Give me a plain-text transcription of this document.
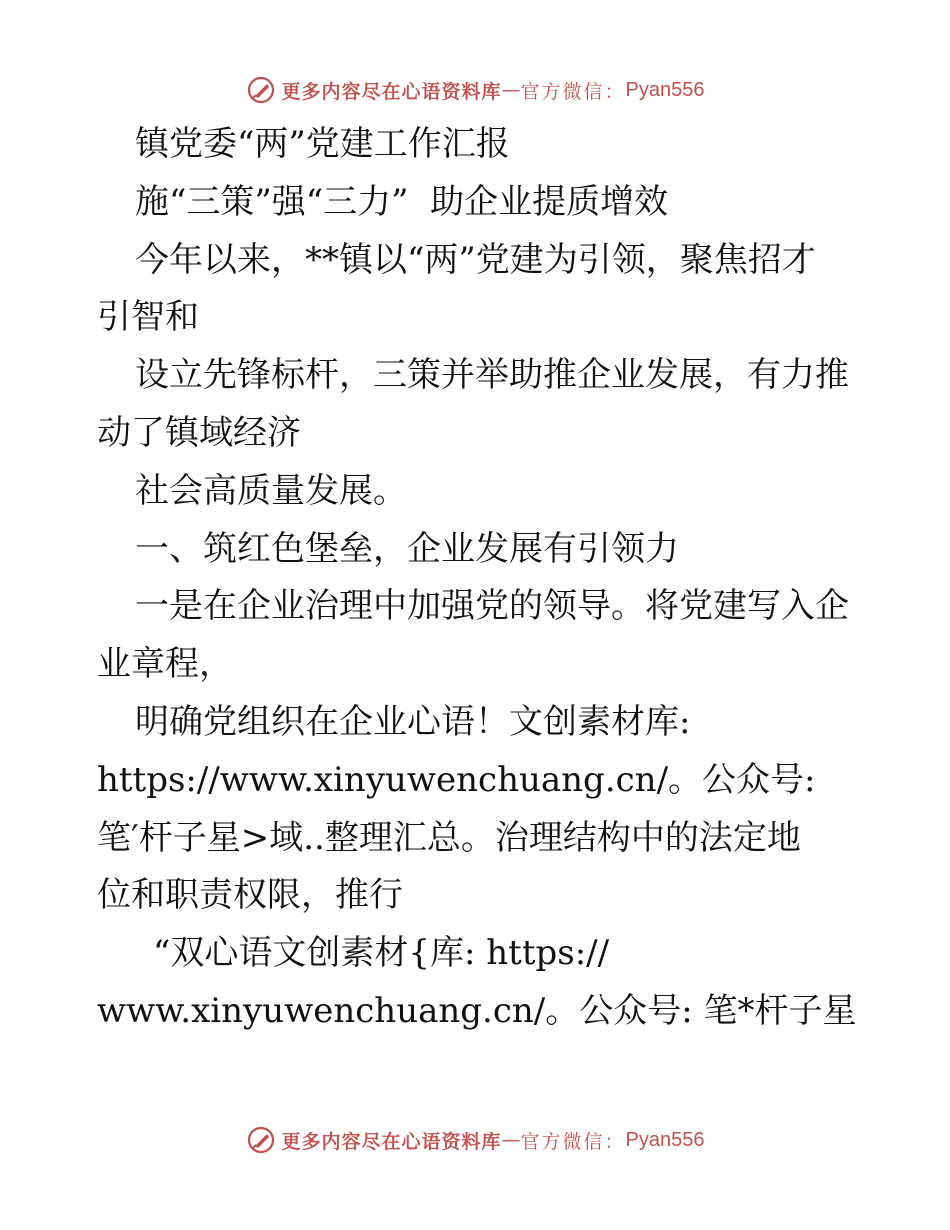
更多内容尽在心语资料库 — 官方微信： Pyan556
镇党委“两”党建工作汇报
施“三策”强“三力”  助企业提质增效
今年以来，**镇以“两”党建为引领，聚焦招才
引智和
设立先锋标杆，三策并举助推企业发展，有力推
动了镇域经济
社会高质量发展。
一、筑红色堡垒，企业发展有引领力
一是在企业治理中加强党的领导。将党建写入企
业章程，
明确党组织在企业心语！文创素材库:
https://www.xinyuwenchuang.cn/。公众号:
笔′杆子星>域..整理汇总。治理结构中的法定地
位和职责权限，推行
“双心语文创素材{库: https://
www.xinyuwenchuang.cn/。公众号: 笔*杆子星
更多内容尽在心语资料库 — 官方微信： Pyan556
